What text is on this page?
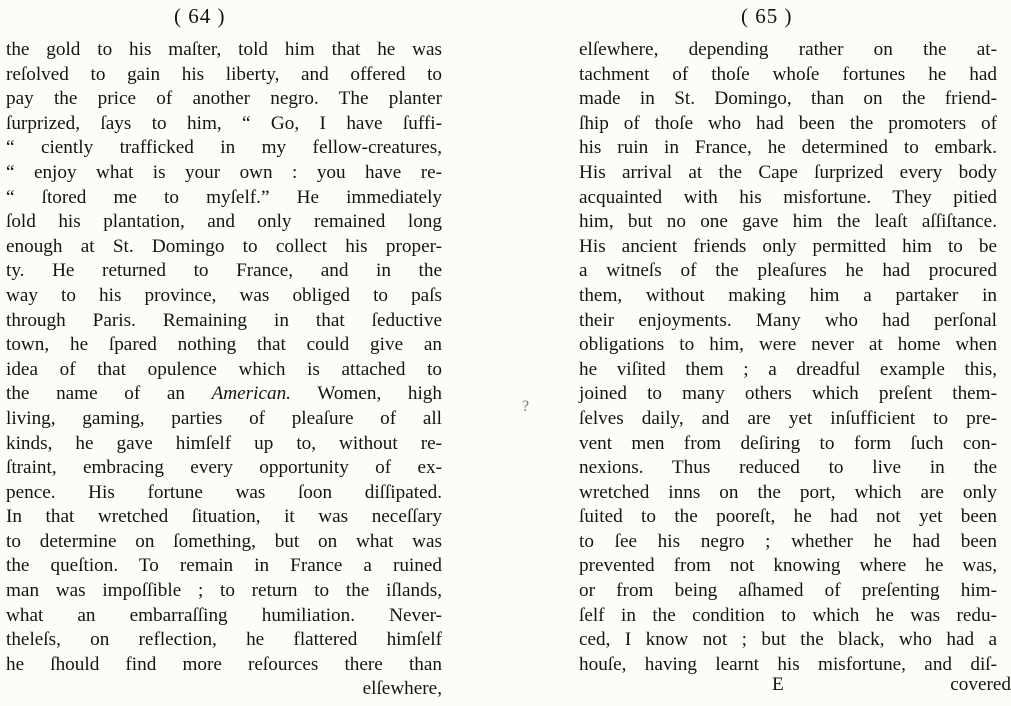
( 64 )
the gold to his maſter, told him that he was
reſolved to gain his liberty, and offered to
pay the price of another negro. The planter
ſurprized, ſays to him, “ Go, I have ſuffi-
“ ciently trafficked in my fellow-creatures,
“ enjoy what is your own : you have re-
“ ſtored me to myſelf.” He immediately
ſold his plantation, and only remained long
enough at St. Domingo to collect his proper-
ty. He returned to France, and in the
way to his province, was obliged to paſs
through Paris. Remaining in that ſeductive
town, he ſpared nothing that could give an
idea of that opulence which is attached to
the name of an American. Women, high
living, gaming, parties of pleaſure of all
kinds, he gave himſelf up to, without re-
ſtraint, embracing every opportunity of ex-
pence. His fortune was ſoon diſſipated.
In that wretched ſituation, it was neceſſary
to determine on ſomething, but on what was
the queſtion. To remain in France a ruined
man was impoſſible ; to return to the iſlands,
what an embarraſſing humiliation. Never-
theleſs, on reflection, he flattered himſelf
he ſhould find more reſources there than
elſewhere,
?
( 65 )
elſewhere, depending rather on the at-
tachment of thoſe whoſe fortunes he had
made in St. Domingo, than on the friend-
ſhip of thoſe who had been the promoters of
his ruin in France, he determined to embark.
His arrival at the Cape ſurprized every body
acquainted with his misfortune. They pitied
him, but no one gave him the leaſt aſſiſtance.
His ancient friends only permitted him to be
a witneſs of the pleaſures he had procured
them, without making him a partaker in
their enjoyments. Many who had perſonal
obligations to him, were never at home when
he viſited them ; a dreadful example this,
joined to many others which preſent them-
ſelves daily, and are yet inſufficient to pre-
vent men from deſiring to form ſuch con-
nexions. Thus reduced to live in the
wretched inns on the port, which are only
ſuited to the pooreſt, he had not yet been
to ſee his negro ; whether he had been
prevented from not knowing where he was,
or from being aſhamed of preſenting him-
ſelf in the condition to which he was redu-
ced, I know not ; but the black, who had a
houſe, having learnt his misfortune, and diſ-
E	covered
